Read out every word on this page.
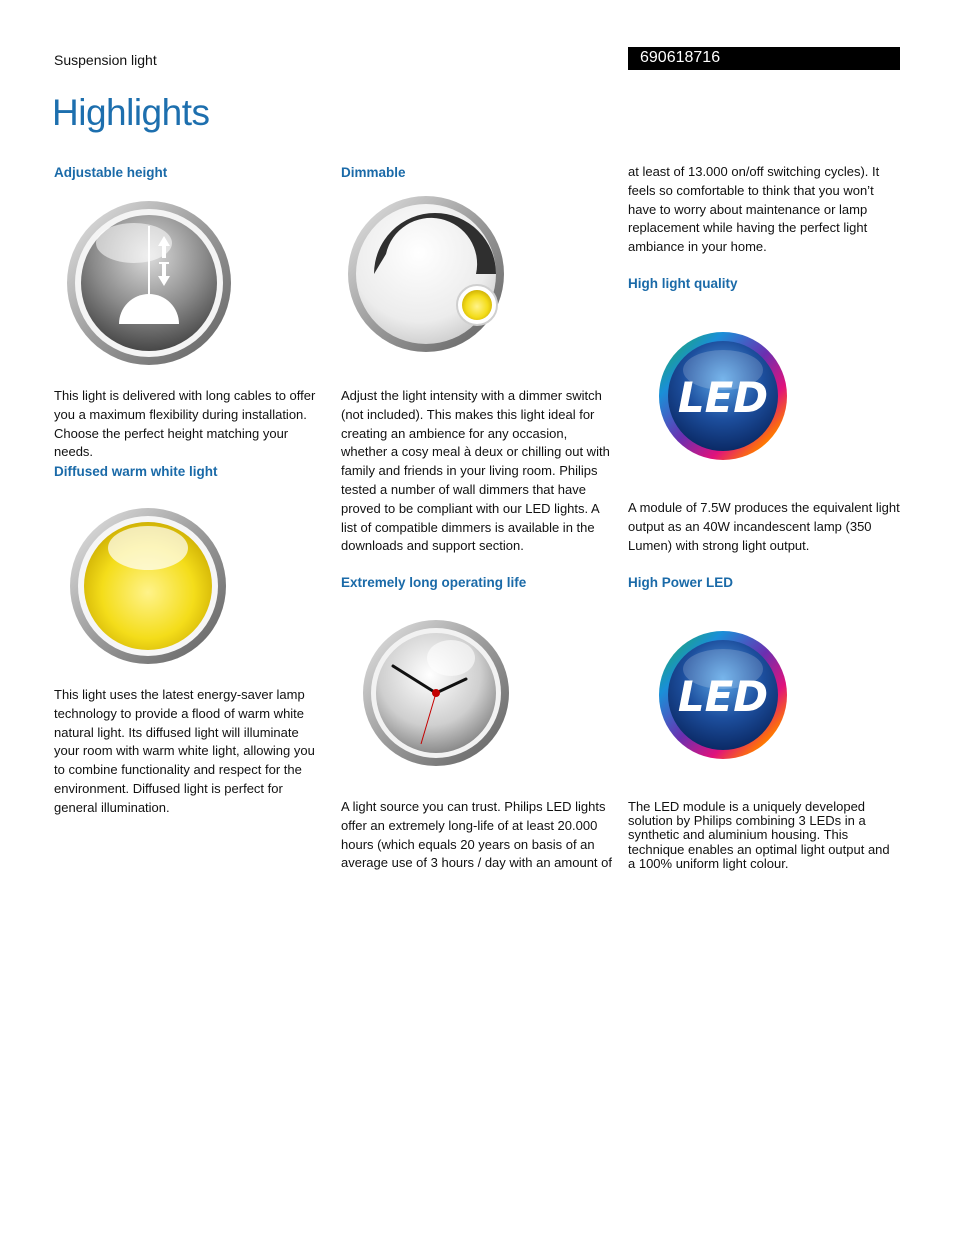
Suspension light	690618716
Highlights
Adjustable height

This light is delivered with long cables to offer you a maximum flexibility during installation. Choose the perfect height matching your needs.

Diffused warm white light

This light uses the latest energy-saver lamp technology to provide a flood of warm white natural light. Its diffused light will illuminate your room with warm white light, allowing you to combine functionality and respect for the environment. Diffused light is perfect for general illumination.

Dimmable

Adjust the light intensity with a dimmer switch (not included). This makes this light ideal for creating an ambience for any occasion, whether a cosy meal à deux or chilling out with family and friends in your living room. Philips tested a number of wall dimmers that have proved to be compliant with our LED lights. A list of compatible dimmers is available in the downloads and support section.

Extremely long operating life

A light source you can trust. Philips LED lights offer an extremely long-life of at least 20.000 hours (which equals 20 years on basis of an average use of 3 hours / day with an amount of

at least of 13.000 on/off switching cycles). It feels so comfortable to think that you won’t have to worry about maintenance or lamp replacement while having the perfect light ambiance in your home.

High light quality
LED

A module of 7.5W produces the equivalent light output as an 40W incandescent lamp (350 Lumen) with strong light output.

High Power LED
LED

The LED module is a uniquely developed solution by Philips combining 3 LEDs in a synthetic and aluminium housing. This technique enables an optimal light output and a 100% uniform light colour.
